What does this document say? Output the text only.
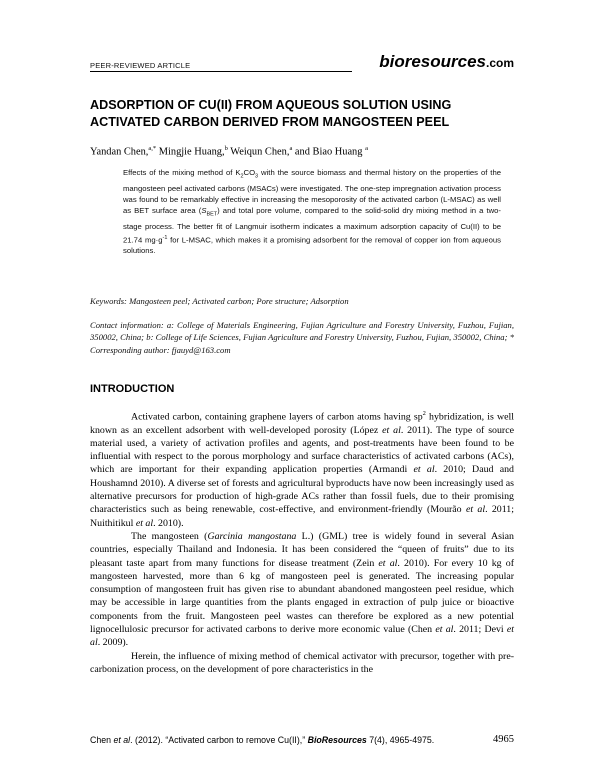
PEER-REVIEWED ARTICLE	bioresources.com
ADSORPTION OF CU(II) FROM AQUEOUS SOLUTION USING
ACTIVATED CARBON DERIVED FROM MANGOSTEEN PEEL
Yandan Chen,$^{a,*}$ Mingjie Huang,$^b$ Weiqun Chen,$^a$ and Biao Huang $^a$
Effects of the mixing method of $K_2CO_3$ with the source biomass and thermal history on the properties of the mangosteen peel activated carbons (MSACs) were investigated. The one-step impregnation activation process was found to be remarkably effective in increasing the mesoporosity of the activated carbon (L-MSAC) as well as BET surface area $(S_{BET})$ and total pore volume, compared to the solid-solid dry mixing method in a two-stage process. The better fit of Langmuir isotherm indicates a maximum adsorption capacity of Cu(II) to be 21.74 $mg\cdot g^{-1}$ for L-MSAC, which makes it a promising adsorbent for the removal of copper ion from aqueous solutions.
Keywords: Mangosteen peel; Activated carbon; Pore structure; Adsorption
Contact information: a: College of Materials Engineering, Fujian Agriculture and Forestry University, Fuzhou, Fujian, 350002, China; b: College of Life Sciences, Fujian Agriculture and Forestry University, Fuzhou, Fujian, 350002, China; * Corresponding author: fjauyd@163.com
INTRODUCTION

Activated carbon, containing graphene layers of carbon atoms having $sp^2$ hybridization, is well known as an excellent adsorbent with well-developed porosity (López et al. 2011). The type of source material used, a variety of activation profiles and agents, and post-treatments have been found to be influential with respect to the porous morphology and surface characteristics of activated carbons (ACs), which are important for their expanding application properties (Armandi et al. 2010; Daud and Houshamnd 2010). A diverse set of forests and agricultural byproducts have now been increasingly used as alternative precursors for production of high-grade ACs rather than fossil fuels, due to their promising characteristics such as being renewable, cost-effective, and environment-friendly (Mourão et al. 2011; Nuithitikul et al. 2010).

The mangosteen (Garcinia mangostana L.) (GML) tree is widely found in several Asian countries, especially Thailand and Indonesia. It has been considered the “queen of fruits” due to its pleasant taste apart from many functions for disease treatment (Zein et al. 2010). For every 10 kg of mangosteen harvested, more than 6 kg of mangosteen peel is generated. The increasing popular consumption of mangosteen fruit has given rise to abundant abandoned mangosteen peel residue, which may be accessible in large quantities from the plants engaged in extraction of pulp juice or bioactive components from the fruit. Mangosteen peel wastes can therefore be explored as a new potential lignocellulosic precursor for activated carbons to derive more economic value (Chen et al. 2011; Devi et al. 2009).

Herein, the influence of mixing method of chemical activator with precursor, together with pre-carbonization process, on the development of pore characteristics in the

Chen et al. (2012). “Activated carbon to remove Cu(II),” BioResources 7(4), 4965-4975.	4965
